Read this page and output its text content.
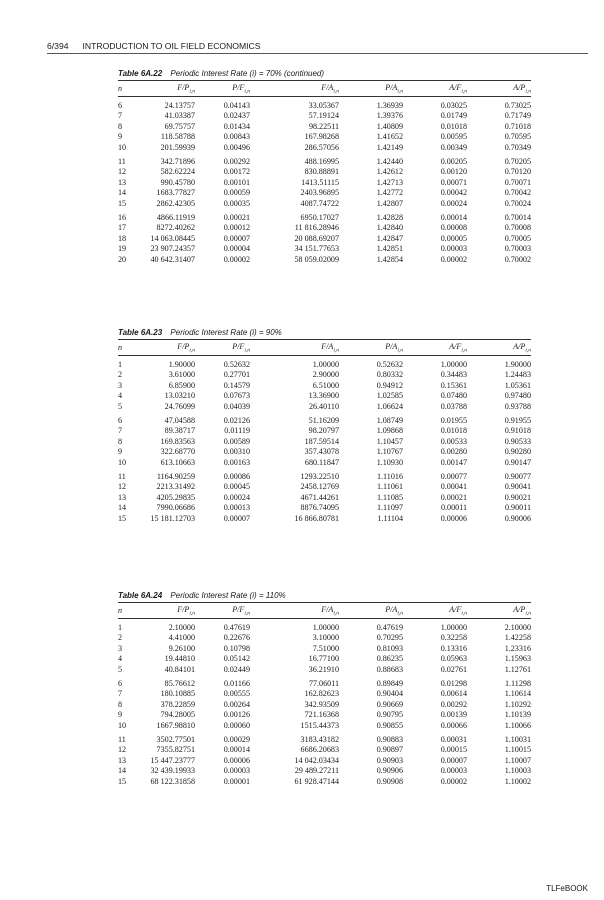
6/394 INTRODUCTION TO OIL FIELD ECONOMICS
Table 6A.22 Periodic Interest Rate (i) = 70% (continued)
n	$F/P_{i,n}$	$P/F_{i,n}$	$F/A_{i,n}$	$P/A_{i,n}$	$A/F_{i,n}$	$A/P_{i,n}$
6	24.13757	0.04143	33.05367	1.36939	0.03025	0.73025
7	41.03387	0.02437	57.19124	1.39376	0.01749	0.71749
8	69.75757	0.01434	98.22511	1.40809	0.01018	0.71018
9	118.58788	0.00843	167.98268	1.41652	0.00595	0.70595
10	201.59939	0.00496	286.57056	1.42149	0.00349	0.70349
11	342.71896	0.00292	488.16995	1.42440	0.00205	0.70205
12	582.62224	0.00172	830.88891	1.42612	0.00120	0.70120
13	990.45780	0.00101	1413.51115	1.42713	0.00071	0.70071
14	1683.77827	0.00059	2403.96895	1.42772	0.00042	0.70042
15	2862.42305	0.00035	4087.74722	1.42807	0.00024	0.70024
16	4866.11919	0.00021	6950.17027	1.42828	0.00014	0.70014
17	8272.40262	0.00012	11 816.28946	1.42840	0.00008	0.70008
18	14 063.08445	0.00007	20 088.69207	1.42847	0.00005	0.70005
19	23 907.24357	0.00004	34 151.77653	1.42851	0.00003	0.70003
20	40 642.31407	0.00002	58 059.02009	1.42854	0.00002	0.70002
Table 6A.23 Periodic Interest Rate (i) = 90%
n	$F/P_{i,n}$	$P/F_{i,n}$	$F/A_{i,n}$	$P/A_{i,n}$	$A/F_{i,n}$	$A/P_{i,n}$
1	1.90000	0.52632	1.00000	0.52632	1.00000	1.90000
2	3.61000	0.27701	2.90000	0.80332	0.34483	1.24483
3	6.85900	0.14579	6.51000	0.94912	0.15361	1.05361
4	13.03210	0.07673	13.36900	1.02585	0.07480	0.97480
5	24.76099	0.04039	26.40110	1.06624	0.03788	0.93788
6	47.04588	0.02126	51.16209	1.08749	0.01955	0.91955
7	89.38717	0.01119	98.20797	1.09868	0.01018	0.91018
8	169.83563	0.00589	187.59514	1.10457	0.00533	0.90533
9	322.68770	0.00310	357.43078	1.10767	0.00280	0.90280
10	613.10663	0.00163	680.11847	1.10930	0.00147	0.90147
11	1164.90259	0.00086	1293.22510	1.11016	0.00077	0.90077
12	2213.31492	0.00045	2458.12769	1.11061	0.00041	0.90041
13	4205.29835	0.00024	4671.44261	1.11085	0.00021	0.90021
14	7990.06686	0.00013	8876.74095	1.11097	0.00011	0.90011
15	15 181.12703	0.00007	16 866.80781	1.11104	0.00006	0.90006
Table 6A.24 Periodic Interest Rate (i) = 110%
n	$F/P_{i,n}$	$P/F_{i,n}$	$F/A_{i,n}$	$P/A_{i,n}$	$A/F_{i,n}$	$A/P_{i,n}$
1	2.10000	0.47619	1.00000	0.47619	1.00000	2.10000
2	4.41000	0.22676	3.10000	0.70295	0.32258	1.42258
3	9.26100	0.10798	7.51000	0.81093	0.13316	1.23316
4	19.44810	0.05142	16.77100	0.86235	0.05963	1.15963
5	40.84101	0.02449	36.21910	0.88683	0.02761	1.12761
6	85.76612	0.01166	77.06011	0.89849	0.01298	1.11298
7	180.10885	0.00555	162.82623	0.90404	0.00614	1.10614
8	378.22859	0.00264	342.93509	0.90669	0.00292	1.10292
9	794.28005	0.00126	721.16368	0.90795	0.00139	1.10139
10	1667.98810	0.00060	1515.44373	0.90855	0.00066	1.10066
11	3502.77501	0.00029	3183.43182	0.90883	0.00031	1.10031
12	7355.82751	0.00014	6686.20683	0.90897	0.00015	1.10015
13	15 447.23777	0.00006	14 042.03434	0.90903	0.00007	1.10007
14	32 439.19933	0.00003	29 489.27211	0.90906	0.00003	1.10003
15	68 122.31858	0.00001	61 928.47144	0.90908	0.00002	1.10002
TLFeBOOK
